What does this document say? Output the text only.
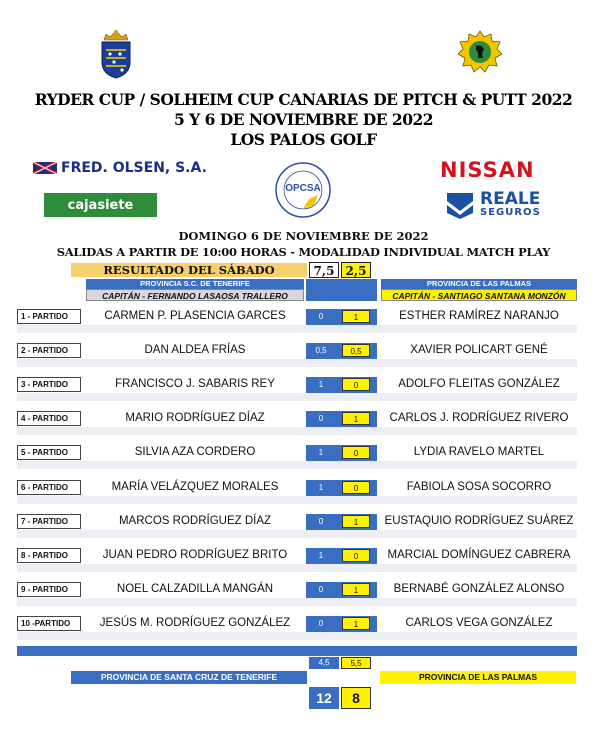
RYDER CUP / SOLHEIM CUP CANARIAS DE PITCH & PUTT 2022
5 Y 6 DE NOVIEMBRE DE 2022
LOS PALOS GOLF
FRED. OLSEN, S.A.
cajasiete
OPCSA
NISSAN
REALE
SEGUROS
DOMINGO 6 DE NOVIEMBRE DE 2022
SALIDAS A PARTIR DE 10:00 HORAS - MODALIDAD INDIVIDUAL MATCH PLAY
RESULTADO DEL SÁBADO	7,5 2,5
PROVINCIA S.C. DE TENERIFE	PROVINCIA DE LAS PALMAS
CAPITÁN - FERNANDO LASAOSA TRALLERO	CAPITÁN - SANTIAGO SANTANA MONZÓN
1 - PARTIDO	CARMEN P. PLASENCIA GARCES	0	1	ESTHER RAMÍREZ NARANJO
2 - PARTIDO	DAN ALDEA FRÍAS	0,5	0,5	XAVIER POLICART GENÉ
3 - PARTIDO	FRANCISCO J. SABARIS REY	1	0	ADOLFO FLEITAS GONZÁLEZ
4 - PARTIDO	MARIO RODRÍGUEZ DÍAZ	0	1	CARLOS J. RODRÍGUEZ RIVERO
5 - PARTIDO	SILVIA AZA CORDERO	1	0	LYDIA RAVELO MARTEL
6 - PARTIDO	MARÍA VELÁZQUEZ MORALES	1	0	FABIOLA SOSA SOCORRO
7 - PARTIDO	MARCOS RODRÍGUEZ DÍAZ	0	1	EUSTAQUIO RODRÍGUEZ SUÁREZ
8 - PARTIDO	JUAN PEDRO RODRÍGUEZ BRITO	1	0	MARCIAL DOMÍNGUEZ CABRERA
9 - PARTIDO	NOEL CALZADILLA MANGÁN	0	1	BERNABÉ GONZÁLEZ ALONSO
10 -PARTIDO	JESÚS M. RODRÍGUEZ GONZÁLEZ	0	1	CARLOS VEGA GONZÁLEZ
4,5	5,5
PROVINCIA DE SANTA CRUZ DE TENERIFE	PROVINCIA DE LAS PALMAS
12	8
